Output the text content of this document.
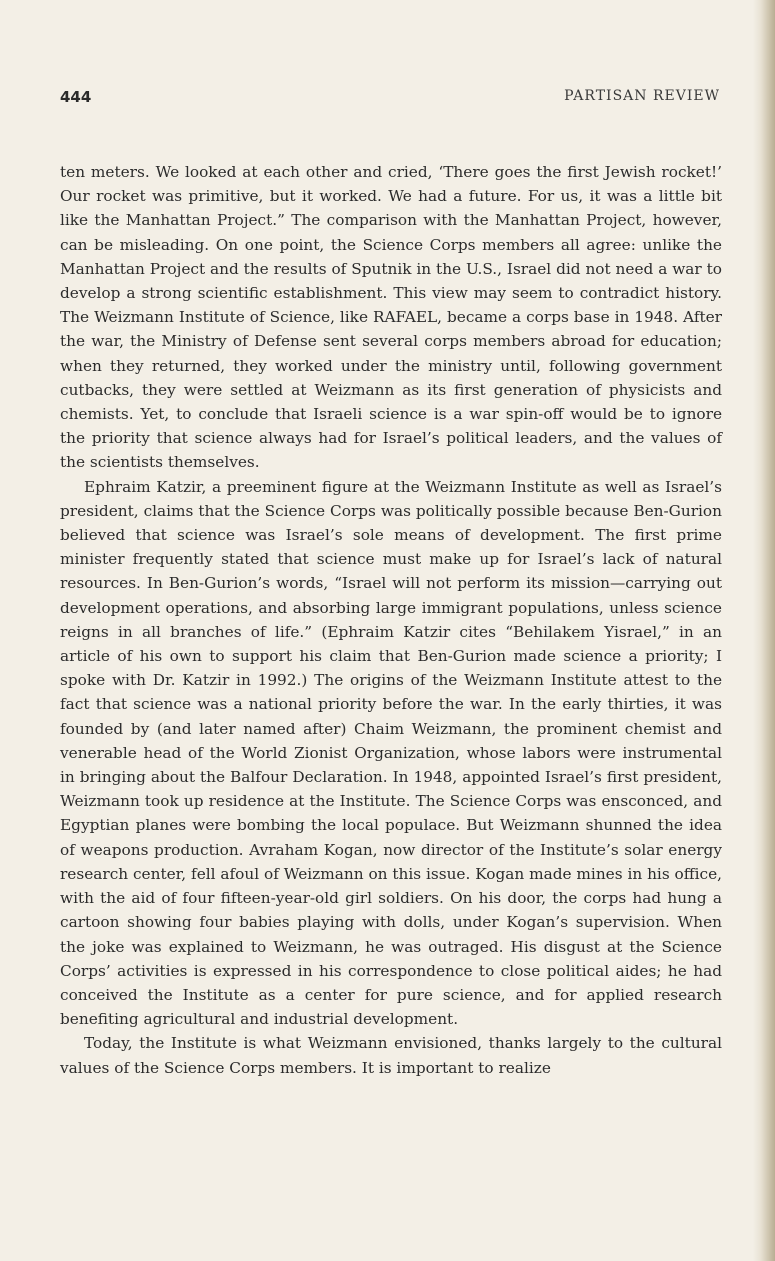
444	PARTISAN REVIEW

ten meters. We looked at each other and cried, ‘There goes the first Jewish rocket!’ Our rocket was primitive, but it worked. We had a future. For us, it was a little bit like the Manhattan Project.” The comparison with the Manhattan Project, however, can be misleading. On one point, the Science Corps members all agree: unlike the Manhattan Project and the results of Sputnik in the U.S., Israel did not need a war to develop a strong scientific establishment. This view may seem to contradict history. The Weizmann Institute of Science, like RAFAEL, became a corps base in 1948. After the war, the Ministry of Defense sent several corps members abroad for education; when they returned, they worked under the ministry until, following government cutbacks, they were settled at Weizmann as its first generation of physicists and chemists. Yet, to conclude that Israeli science is a war spin-off would be to ignore the priority that science always had for Israel’s political leaders, and the values of the scientists themselves.

Ephraim Katzir, a preeminent figure at the Weizmann Institute as well as Israel’s president, claims that the Science Corps was politically possible because Ben-Gurion believed that science was Israel’s sole means of development. The first prime minister frequently stated that science must make up for Israel’s lack of natural resources. In Ben-Gurion’s words, “Israel will not perform its mission—carrying out development operations, and absorbing large immigrant populations, unless science reigns in all branches of life.” (Ephraim Katzir cites “Behilakem Yisrael,” in an article of his own to support his claim that Ben-Gurion made science a priority; I spoke with Dr. Katzir in 1992.) The origins of the Weizmann Institute attest to the fact that science was a national priority before the war. In the early thirties, it was founded by (and later named after) Chaim Weizmann, the prominent chemist and venerable head of the World Zionist Organization, whose labors were instrumental in bringing about the Balfour Declaration. In 1948, appointed Israel’s first president, Weizmann took up residence at the Institute. The Science Corps was ensconced, and Egyptian planes were bombing the local populace. But Weizmann shunned the idea of weapons production. Avraham Kogan, now director of the Institute’s solar energy research center, fell afoul of Weizmann on this issue. Kogan made mines in his office, with the aid of four fifteen-year-old girl soldiers. On his door, the corps had hung a cartoon showing four babies playing with dolls, under Kogan’s supervision. When the joke was explained to Weizmann, he was outraged. His disgust at the Science Corps’ activities is expressed in his correspondence to close political aides; he had conceived the Institute as a center for pure science, and for applied research benefiting agricultural and industrial development.

Today, the Institute is what Weizmann envisioned, thanks largely to the cultural values of the Science Corps members. It is important to realize
